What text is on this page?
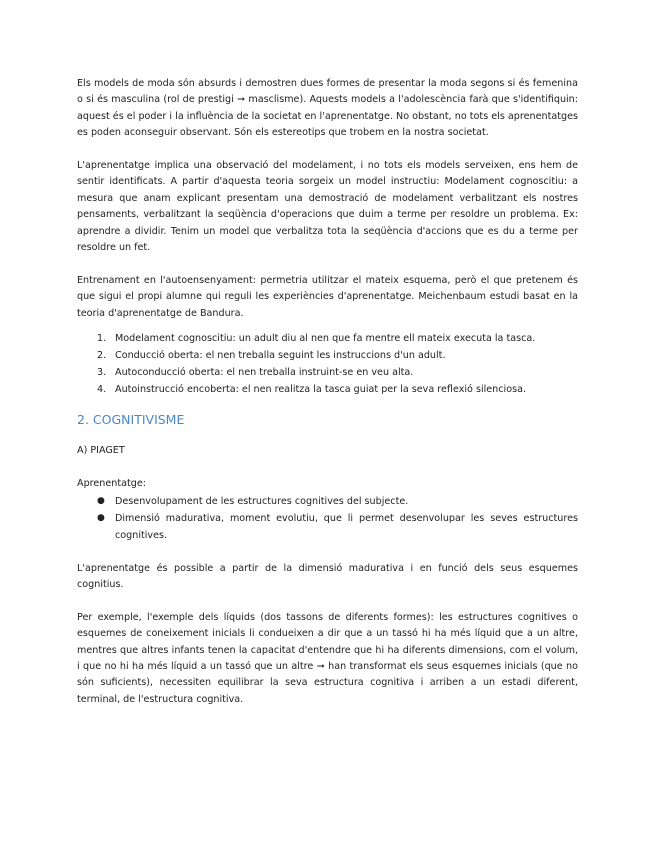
Els models de moda són absurds i demostren dues formes de presentar la moda segons si és femenina o si és masculina (rol de prestigi ➞ masclisme). Aquests models a l'adolescència farà que s'identifiquin: aquest és el poder i la influència de la societat en l'aprenentatge. No obstant, no tots els aprenentatges es poden aconseguir observant. Són els estereotips que trobem en la nostra societat.

L'aprenentatge implica una observació del modelament, i no tots els models serveixen, ens hem de sentir identificats. A partir d'aquesta teoria sorgeix un model instructiu: Modelament cognoscitiu: a mesura que anam explicant presentam una demostració de modelament verbalitzant els nostres pensaments, verbalitzant la seqüència d'operacions que duim a terme per resoldre un problema. Ex: aprendre a dividir. Tenim un model que verbalitza tota la seqüència d'accions que es du a terme per resoldre un fet.

Entrenament en l'autoensenyament: permetria utilitzar el mateix esquema, però el que pretenem és que sigui el propi alumne qui reguli les experiències d'aprenentatge. Meichenbaum estudi basat en la teoria d'aprenentatge de Bandura.

1. Modelament cognoscitiu: un adult diu al nen que fa mentre ell mateix executa la tasca.
2. Conducció oberta: el nen treballa seguint les instruccions d'un adult.
3. Autoconducció oberta: el nen treballa instruint-se en veu alta.
4. Autoinstrucció encoberta: el nen realitza la tasca guiat per la seva reflexió silenciosa.
2. COGNITIVISME

A) PIAGET

Aprenentatge:

● Desenvolupament de les estructures cognitives del subjecte.
● Dimensió madurativa, moment evolutiu, que li permet desenvolupar les seves estructures cognitives.

L'aprenentatge és possible a partir de la dimensió madurativa i en funció dels seus esquemes cognitius.

Per exemple, l'exemple dels líquids (dos tassons de diferents formes): les estructures cognitives o esquemes de coneixement inicials li condueixen a dir que a un tassó hi ha més líquid que a un altre, mentres que altres infants tenen la capacitat d'entendre que hi ha diferents dimensions, com el volum, i que no hi ha més líquid a un tassó que un altre ➞ han transformat els seus esquemes inicials (que no són suficients), necessiten equilibrar la seva estructura cognitiva i arriben a un estadi diferent, terminal, de l'estructura cognitiva.
